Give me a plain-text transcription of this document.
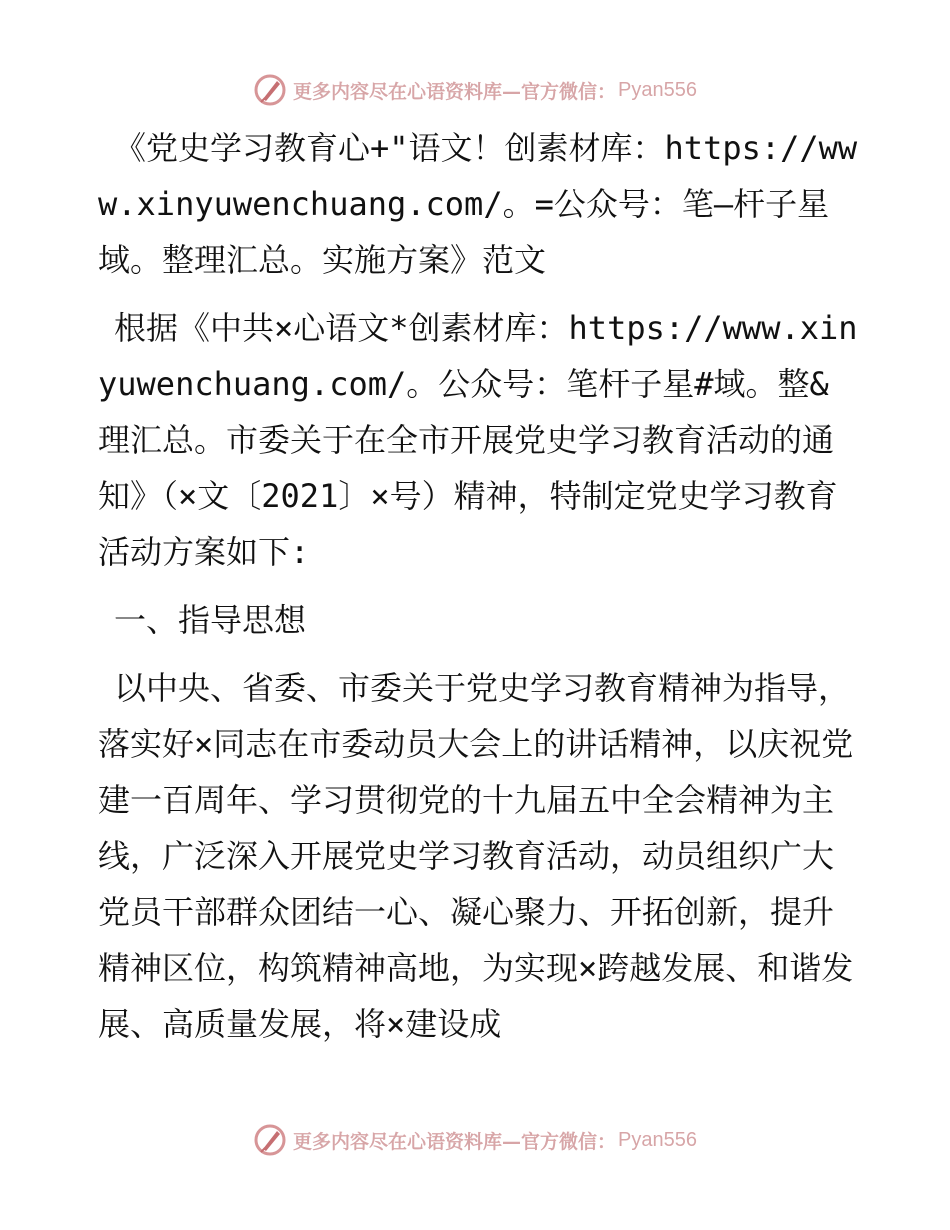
更多内容尽在心语资料库—官方微信： Pyan556

《党史学习教育心+"语文！创素材库：https://www.xinyuwenchuang.com/。=公众号：笔—杆子星域。整理汇总。实施方案》范文

根据《中共×心语文*创素材库：https://www.xinyuwenchuang.com/。公众号：笔杆子星#域。整&理汇总。市委关于在全市开展党史学习教育活动的通知》（×文〔2021〕×号）精神，特制定党史学习教育活动方案如下:

一、指导思想

以中央、省委、市委关于党史学习教育精神为指导，落实好×同志在市委动员大会上的讲话精神，以庆祝党建一百周年、学习贯彻党的十九届五中全会精神为主线，广泛深入开展党史学习教育活动，动员组织广大党员干部群众团结一心、凝心聚力、开拓创新，提升精神区位，构筑精神高地，为实现×跨越发展、和谐发展、高质量发展，将×建设成

更多内容尽在心语资料库—官方微信： Pyan556
